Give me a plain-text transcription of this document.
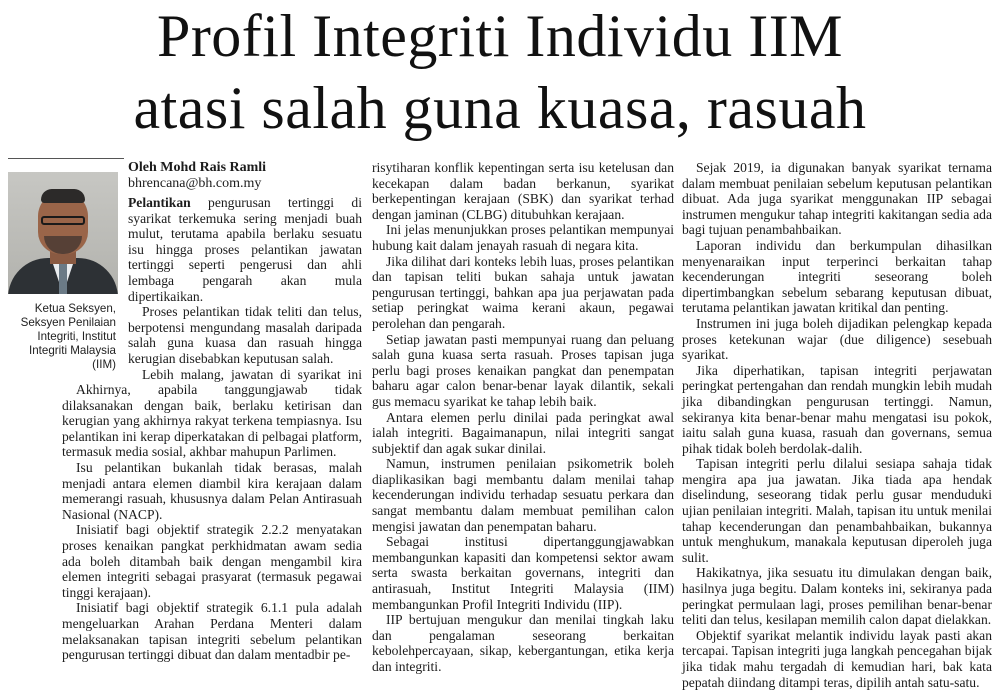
Profil Integriti Individu IIM
atasi salah guna kuasa, rasuah
Ketua Seksyen, Seksyen Penilaian Integriti, Institut Integriti Malaysia (IIM)
Oleh Mohd Rais Ramli
bhrencana@bh.com.my

Pelantikan pengurusan tertinggi di syarikat terkemuka sering menjadi buah mulut, terutama apabila berlaku sesuatu isu hingga proses pelantikan jawatan tertinggi seperti pengerusi dan ahli lembaga pengarah akan mula dipertikaikan.

Proses pelantikan tidak teliti dan telus, berpotensi mengundang masalah daripada salah guna kuasa dan rasuah hingga kerugian disebabkan keputusan salah.

Lebih malang, jawatan di syarikat ini

Akhirnya, apabila tanggungjawab tidak dilaksanakan dengan baik, berlaku ketirisan dan kerugian yang akhirnya rakyat terkena tempiasnya. Isu pelantikan ini kerap diperkatakan di pelbagai platform, termasuk media sosial, akhbar mahupun Parlimen.

Isu pelantikan bukanlah tidak berasas, malah menjadi antara elemen diambil kira kerajaan dalam memerangi rasuah, khususnya dalam Pelan Antirasuah Nasional (NACP).

Inisiatif bagi objektif strategik 2.2.2 menyatakan proses kenaikan pangkat perkhidmatan awam sedia ada boleh ditambah baik dengan mengambil kira elemen integriti sebagai prasyarat (termasuk pegawai tinggi kerajaan).

Inisiatif bagi objektif strategik 6.1.1 pula adalah mengeluarkan Arahan Perdana Menteri dalam melaksanakan tapisan integriti sebelum pelantikan pengurusan tertinggi dibuat dan dalam mentadbir pe-

risytiharan konflik kepentingan serta isu ketelusan dan kecekapan dalam badan berkanun, syarikat berkepentingan kerajaan (SBK) dan syarikat terhad dengan jaminan (CLBG) ditubuhkan kerajaan.

Ini jelas menunjukkan proses pelantikan mempunyai hubung kait dalam jenayah rasuah di negara kita.

Jika dilihat dari konteks lebih luas, proses pelantikan dan tapisan teliti bukan sahaja untuk jawatan pengurusan tertinggi, bahkan apa jua perjawatan pada setiap peringkat waima kerani akaun, pegawai perolehan dan pengarah.

Setiap jawatan pasti mempunyai ruang dan peluang salah guna kuasa serta rasuah. Proses tapisan juga perlu bagi proses kenaikan pangkat dan penempatan baharu agar calon benar-benar layak dilantik, sekali gus memacu syarikat ke tahap lebih baik.

Antara elemen perlu dinilai pada peringkat awal ialah integriti. Bagaimanapun, nilai integriti sangat subjektif dan agak sukar dinilai.

Namun, instrumen penilaian psikometrik boleh diaplikasikan bagi membantu dalam menilai tahap kecenderungan individu terhadap sesuatu perkara dan sangat membantu dalam membuat pemilihan calon mengisi jawatan dan penempatan baharu.

Sebagai institusi dipertanggungjawabkan membangunkan kapasiti dan kompetensi sektor awam serta swasta berkaitan governans, integriti dan antirasuah, Institut Integriti Malaysia (IIM) membangunkan Profil Integriti Individu (IIP).

IIP bertujuan mengukur dan menilai tingkah laku dan pengalaman seseorang berkaitan kebolehpercayaan, sikap, kebergantungan, etika kerja dan integriti.

Sejak 2019, ia digunakan banyak syarikat ternama dalam membuat penilaian sebelum keputusan pelantikan dibuat. Ada juga syarikat menggunakan IIP sebagai instrumen mengukur tahap integriti kakitangan sedia ada bagi tujuan penambahbaikan.

Laporan individu dan berkumpulan dihasilkan menyenaraikan input terperinci berkaitan tahap kecenderungan integriti seseorang boleh dipertimbangkan sebelum sebarang keputusan dibuat, terutama pelantikan jawatan kritikal dan penting.

Instrumen ini juga boleh dijadikan pelengkap kepada proses ketekunan wajar (due diligence) sesebuah syarikat.

Jika diperhatikan, tapisan integriti perjawatan peringkat pertengahan dan rendah mungkin lebih mudah jika dibandingkan pengurusan tertinggi. Namun, sekiranya kita benar-benar mahu mengatasi isu pokok, iaitu salah guna kuasa, rasuah dan governans, semua pihak tidak boleh berdolak-dalih.

Tapisan integriti perlu dilalui sesiapa sahaja tidak mengira apa jua jawatan. Jika tiada apa hendak diselindung, seseorang tidak perlu gusar menduduki ujian penilaian integriti. Malah, tapisan itu untuk menilai tahap kecenderungan dan penambahbaikan, bukannya untuk menghukum, manakala keputusan diperoleh juga sulit.

Hakikatnya, jika sesuatu itu dimulakan dengan baik, hasilnya juga begitu. Dalam konteks ini, sekiranya pada peringkat permulaan lagi, proses pemilihan benar-benar teliti dan telus, kesilapan memilih calon dapat dielakkan.

Objektif syarikat melantik individu layak pasti akan tercapai. Tapisan integriti juga langkah pencegahan bijak jika tidak mahu tergadah di kemudian hari, bak kata pepatah diindang ditampi teras, dipilih antah satu-satu.
